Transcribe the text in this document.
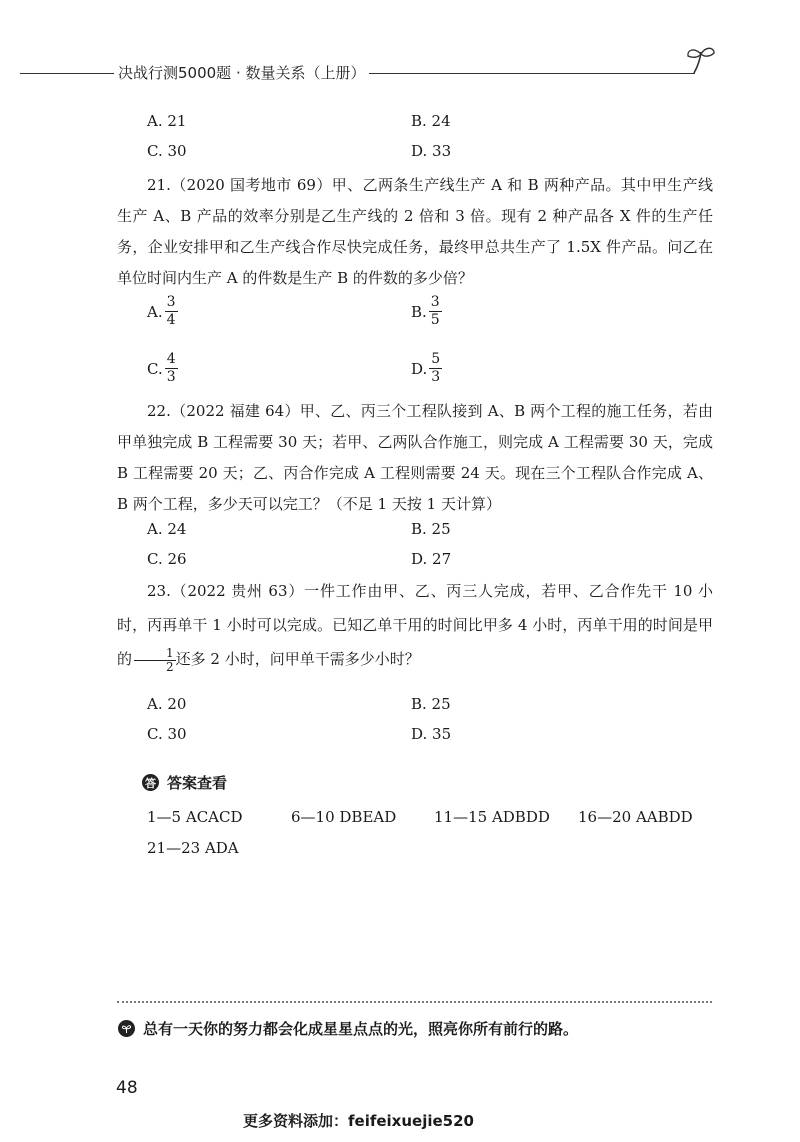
决战行测5000题 · 数量关系（上册）
A. 21	B. 24
C. 30	D. 33
21.（2020 国考地市 69）甲、乙两条生产线生产 A 和 B 两种产品。其中甲生产线生产 A、B 产品的效率分别是乙生产线的 2 倍和 3 倍。现有 2 种产品各 X 件的生产任务，企业安排甲和乙生产线合作尽快完成任务，最终甲总共生产了 1.5X 件产品。问乙在单位时间内生产 A 的件数是生产 B 的件数的多少倍？
A. $\frac{3}{4}$	B. $\frac{3}{5}$
C. $\frac{4}{3}$	D. $\frac{5}{3}$
22.（2022 福建 64）甲、乙、丙三个工程队接到 A、B 两个工程的施工任务，若由甲单独完成 B 工程需要 30 天；若甲、乙两队合作施工，则完成 A 工程需要 30 天，完成 B 工程需要 20 天；乙、丙合作完成 A 工程则需要 24 天。现在三个工程队合作完成 A、B 两个工程，多少天可以完工？（不足 1 天按 1 天计算）
A. 24	B. 25
C. 26	D. 27
23.（2022 贵州 63）一件工作由甲、乙、丙三人完成，若甲、乙合作先干 10 小时，丙再单干 1 小时可以完成。已知乙单干用的时间比甲多 4 小时，丙单干用的时间是甲的 $\frac{1}{2}$ 还多 2 小时，问甲单干需多少小时？
A. 20	B. 25
C. 30	D. 35
答 答案查看
1—5 ACACD	6—10 DBEAD	11—15 ADBDD 16—20 AABDD
21—23 ADA
总有一天你的努力都会化成星星点点的光，照亮你所有前行的路。
48
更多资料添加：feifeixuejie520
